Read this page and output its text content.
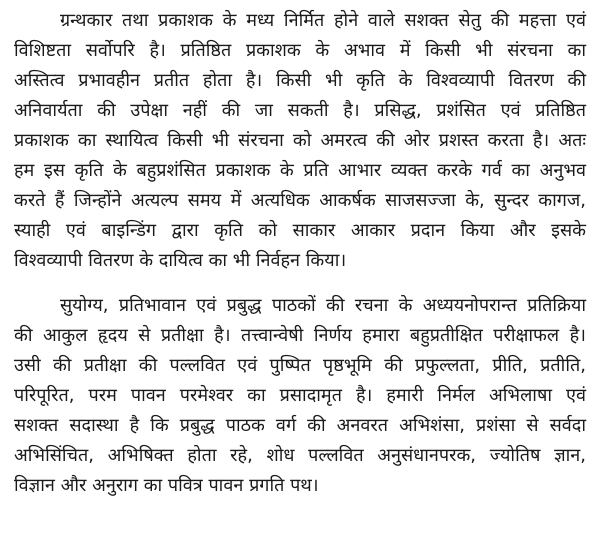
ग्रन्थकार तथा प्रकाशक के मध्य निर्मित होने वाले सशक्त सेतु की महत्ता एवं
विशिष्टता सर्वोपरि है। प्रतिष्ठित प्रकाशक के अभाव में किसी भी संरचना का
अस्तित्व प्रभावहीन प्रतीत होता है। किसी भी कृति के विश्वव्यापी वितरण की
अनिवार्यता की उपेक्षा नहीं की जा सकती है। प्रसिद्ध, प्रशंसित एवं प्रतिष्ठित
प्रकाशक का स्थायित्व किसी भी संरचना को अमरत्व की ओर प्रशस्त करता है। अतः
हम इस कृति के बहुप्रशंसित प्रकाशक के प्रति आभार व्यक्त करके गर्व का अनुभव
करते हैं जिन्होंने अत्यल्प समय में अत्यधिक आकर्षक साजसज्जा के, सुन्दर कागज,
स्याही एवं बाइन्डिंग द्वारा कृति को साकार आकार प्रदान किया और इसके
विश्वव्यापी वितरण के दायित्व का भी निर्वहन किया।
सुयोग्य, प्रतिभावान एवं प्रबुद्ध पाठकों की रचना के अध्ययनोपरान्त प्रतिक्रिया
की आकुल हृदय से प्रतीक्षा है। तत्त्वान्वेषी निर्णय हमारा बहुप्रतीक्षित परीक्षाफल है।
उसी की प्रतीक्षा की पल्लवित एवं पुष्पित पृष्ठभूमि की प्रफुल्लता, प्रीति, प्रतीति,
परिपूरित, परम पावन परमेश्वर का प्रसादामृत है। हमारी निर्मल अभिलाषा एवं
सशक्त सदास्था है कि प्रबुद्ध पाठक वर्ग की अनवरत अभिशंसा, प्रशंसा से सर्वदा
अभिसिंचित, अभिषिक्त होता रहे, शोध पल्लवित अनुसंधानपरक, ज्योतिष ज्ञान,
विज्ञान और अनुराग का पवित्र पावन प्रगति पथ।
